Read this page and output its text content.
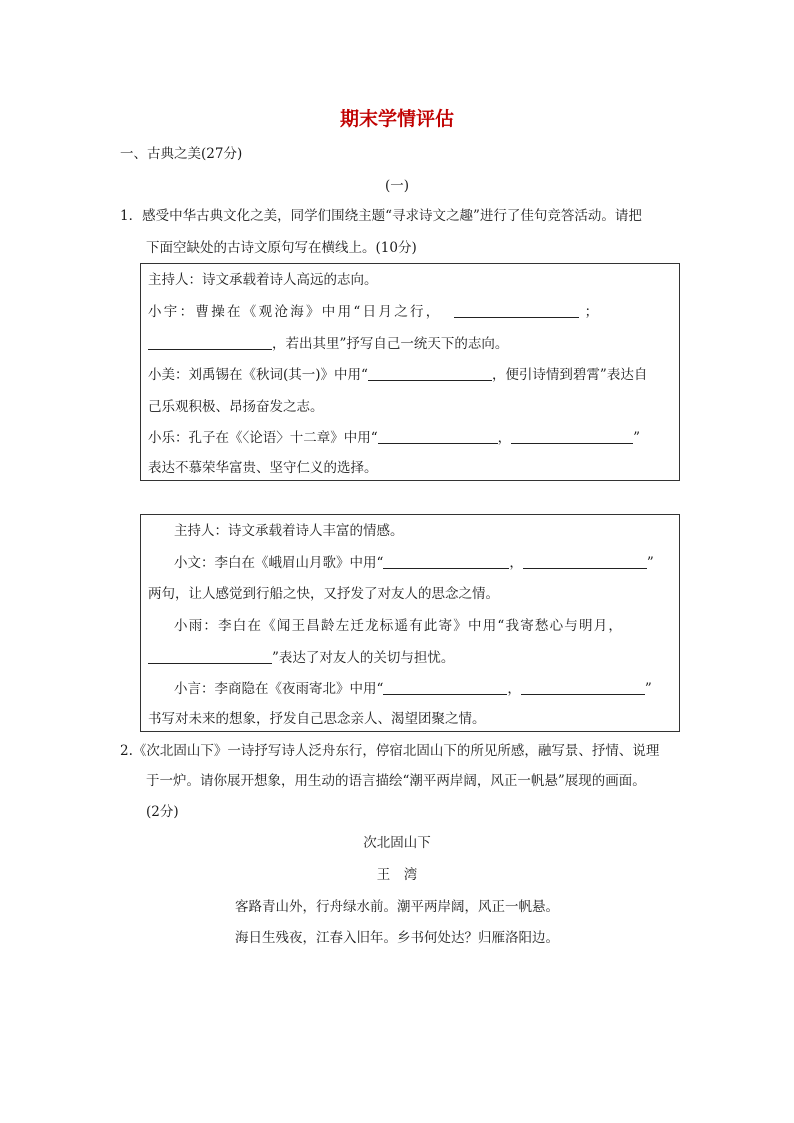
期末学情评估
一、古典之美(27分)
(一)
1．感受中华古典文化之美，同学们围绕主题“寻求诗文之趣”进行了佳句竞答活动。请把
下面空缺处的古诗文原句写在横线上。(10分)
主持人：诗文承载着诗人高远的志向。
小宇：曹操在《观沧海》中用“日月之行，	；
，若出其里”抒写自己一统天下的志向。
小美：刘禹锡在《秋词(其一)》中用“	，便引诗情到碧霄”表达自
己乐观积极、昂扬奋发之志。
小乐：孔子在《〈论语〉十二章》中用“	，	”
表达不慕荣华富贵、坚守仁义的选择。
主持人：诗文承载着诗人丰富的情感。
小文：李白在《峨眉山月歌》中用“	，	”
两句，让人感觉到行船之快，又抒发了对友人的思念之情。
小雨：李白在《闻王昌龄左迁龙标遥有此寄》中用“我寄愁心与明月，
”表达了对友人的关切与担忧。
小言：李商隐在《夜雨寄北》中用“	，	”
书写对未来的想象，抒发自己思念亲人、渴望团聚之情。
2.《次北固山下》一诗抒写诗人泛舟东行，停宿北固山下的所见所感，融写景、抒情、说理
于一炉。请你展开想象，用生动的语言描绘“潮平两岸阔，风正一帆悬”展现的画面。
(2分)
次北固山下
王　湾
客路青山外，行舟绿水前。潮平两岸阔，风正一帆悬。
海日生残夜，江春入旧年。乡书何处达？归雁洛阳边。
